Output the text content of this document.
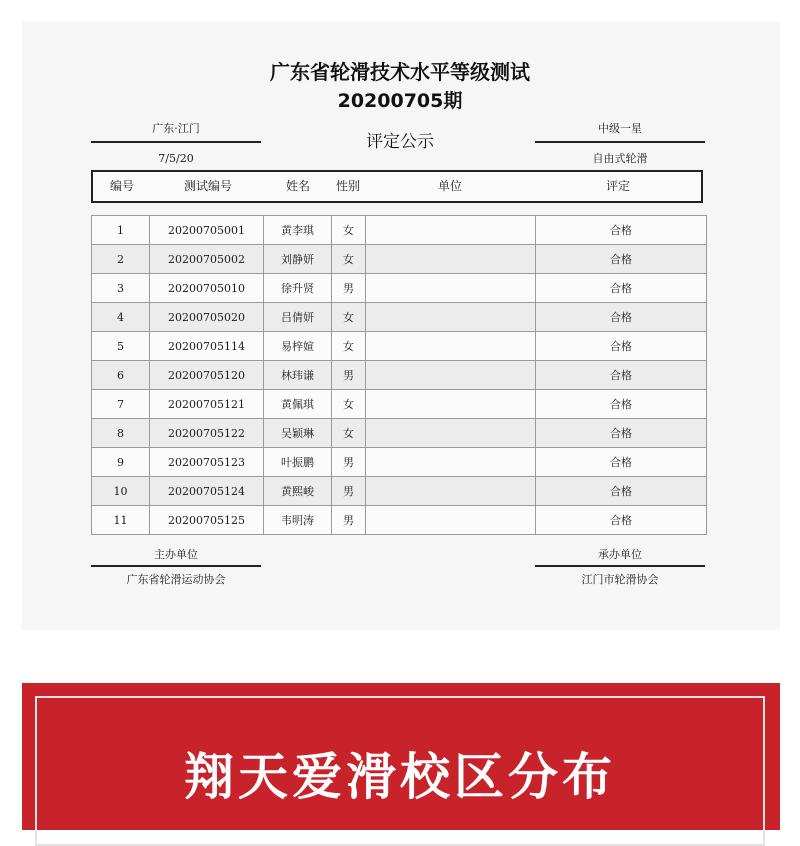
广东省轮滑技术水平等级测试
20200705期
评定公示
广东·江门
7/5/20
中级一星
自由式轮滑
编号	测试编号	姓名	性别	单位	评定
1	20200705001	黄李琪	女		合格
2	20200705002	刘静妍	女		合格
3	20200705010	徐升贤	男		合格
4	20200705020	吕倩妍	女		合格
5	20200705114	易梓媗	女		合格
6	20200705120	林玮谦	男		合格
7	20200705121	黄佩琪	女		合格
8	20200705122	吴颖琳	女		合格
9	20200705123	叶振鹏	男		合格
10	20200705124	黄熙峻	男		合格
11	20200705125	韦明涛	男		合格
主办单位
广东省轮滑运动协会
承办单位
江门市轮滑协会
翔天爱滑校区分布
